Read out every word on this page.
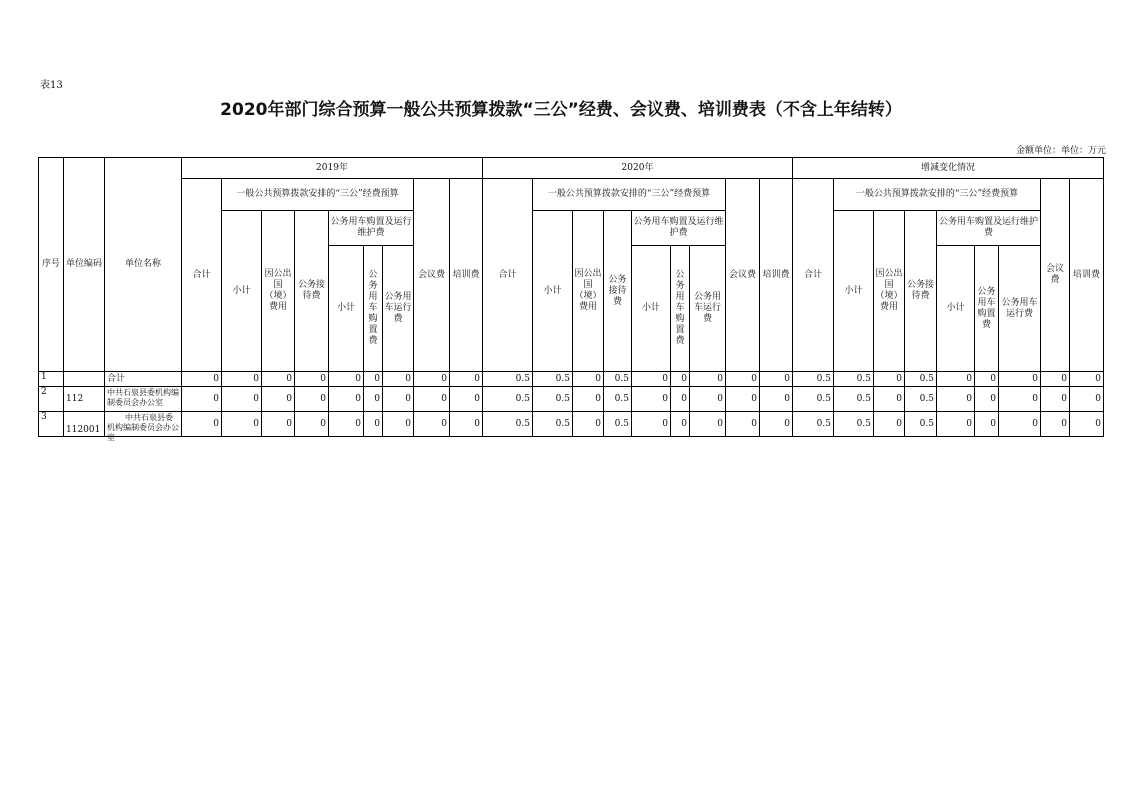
表13
2020年部门综合预算一般公共预算拨款“三公”经费、会议费、培训费表（不含上年结转）
金额单位：单位：万元
序号	单位编码	单位名称	2019年									2020年									增减变化情况								
			合计	一般公共预算拨款安排的“三公”经费预算						会议费	培训费	合计	一般公共预算拨款安排的“三公”经费预算						会议费	培训费	合计	一般公共预算拨款安排的“三公”经费预算						会议费	培训费
				小计	因公出国（境）费用	公务接待费	公务用车购置及运行维护费						小计	因公出国（境）费用	公务接待费	公务用车购置及运行维护费						小计	因公出国（境）费用	公务接待费	公务用车购置及运行维护费				
							小计	公务用车购置费	公务用车运行费							小计	公务用车购置费	公务用车运行费							小计	公务用车购置费	公务用车运行费		

1		合计	0	0	0	0	0	0	0	0	0	0.5	0.5	0	0.5	0	0	0	0	0	0.5	0.5	0	0.5	0	0	0	0	0
2	112	中共石泉县委机构编制委员会办公室	0	0	0	0	0	0	0	0	0	0.5	0.5	0	0.5	0	0	0	0	0	0.5	0.5	0	0.5	0	0	0	0	0
3	112001	中共石泉县委机构编制委员会办公室	0	0	0	0	0	0	0	0	0	0.5	0.5	0	0.5	0	0	0	0	0	0.5	0.5	0	0.5	0	0	0	0	0
